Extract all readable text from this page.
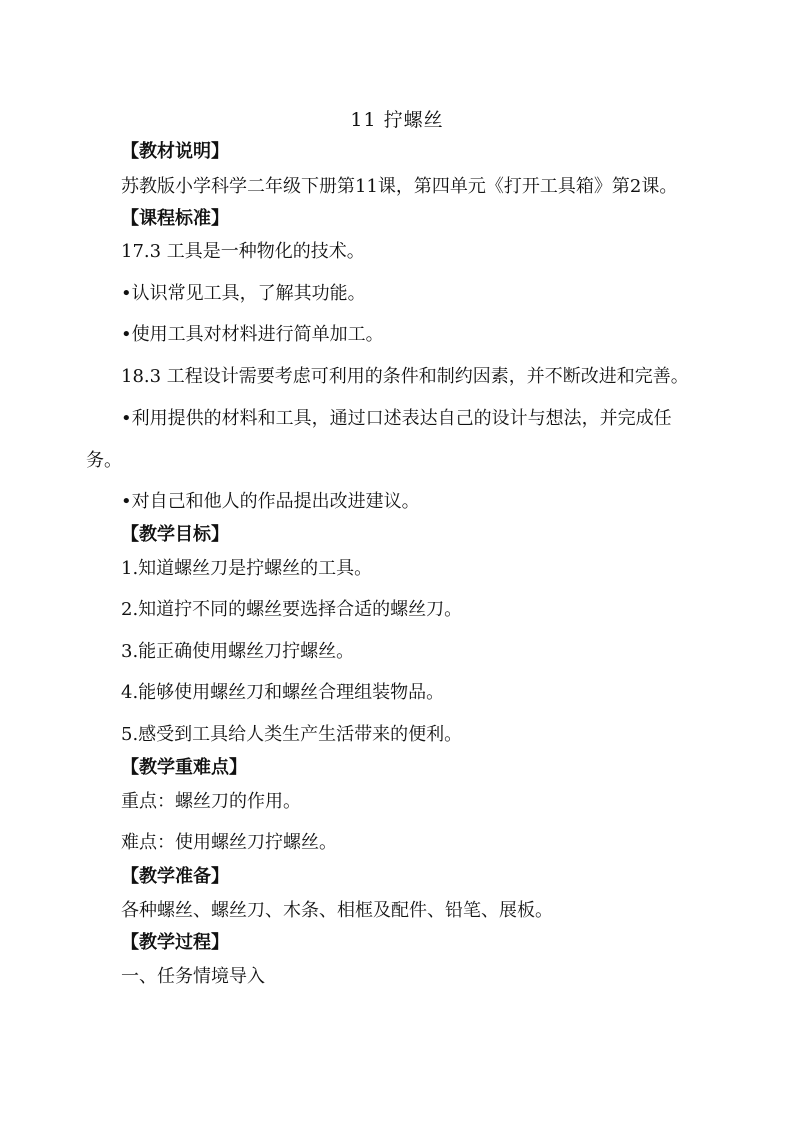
11 拧螺丝
【教材说明】
苏教版小学科学二年级下册第11课，第四单元《打开工具箱》第2课。
【课程标准】
17.3 工具是一种物化的技术。
•认识常见工具，了解其功能。
•使用工具对材料进行简单加工。
18.3 工程设计需要考虑可利用的条件和制约因素，并不断改进和完善。
•利用提供的材料和工具，通过口述表达自己的设计与想法，并完成任
务。
•对自己和他人的作品提出改进建议。
【教学目标】
1.知道螺丝刀是拧螺丝的工具。
2.知道拧不同的螺丝要选择合适的螺丝刀。
3.能正确使用螺丝刀拧螺丝。
4.能够使用螺丝刀和螺丝合理组装物品。
5.感受到工具给人类生产生活带来的便利。
【教学重难点】
重点：螺丝刀的作用。
难点：使用螺丝刀拧螺丝。
【教学准备】
各种螺丝、螺丝刀、木条、相框及配件、铅笔、展板。
【教学过程】
一、任务情境导入
